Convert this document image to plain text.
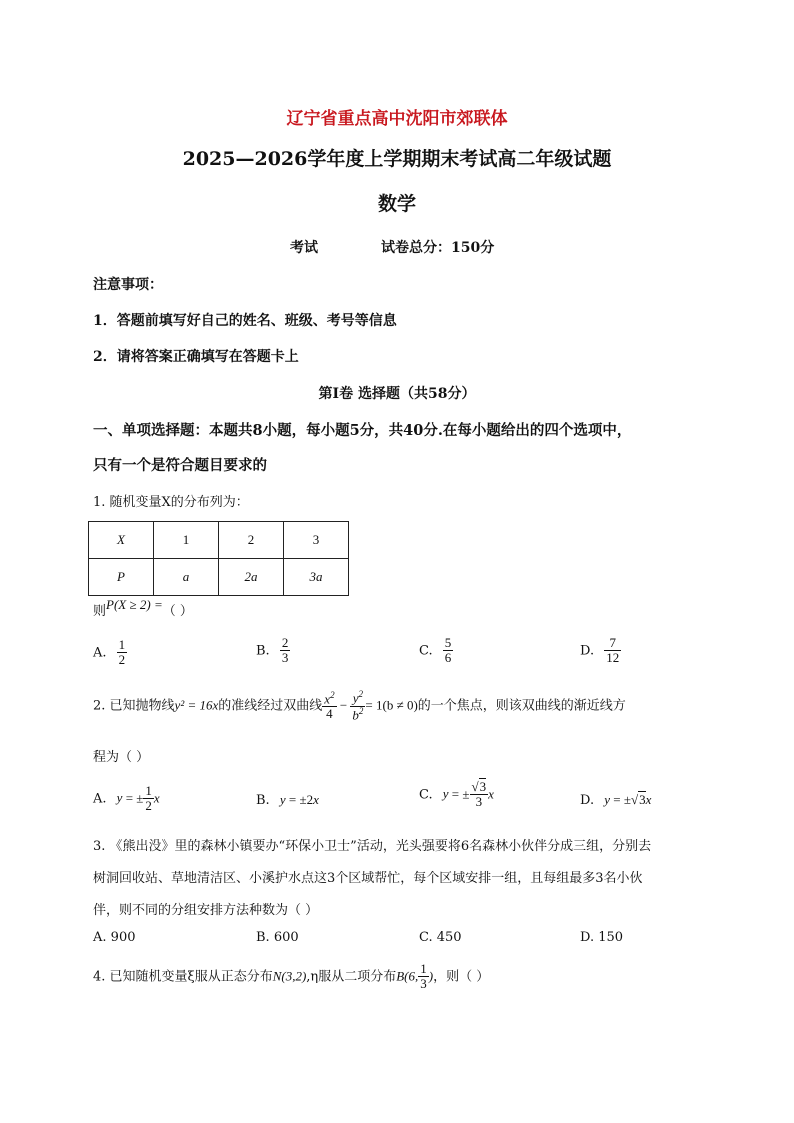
辽宁省重点高中沈阳市郊联体
2025—2026学年度上学期期末考试高二年级试题
数学
考试	试卷总分：150分
注意事项：
1．答题前填写好自己的姓名、班级、考号等信息
2．请将答案正确填写在答题卡上
第I卷 选择题（共58分）
一、单项选择题：本题共8小题，每小题5分，共40分.在每小题给出的四个选项中，
只有一个是符合题目要求的
1. 随机变量X的分布列为：
X	1	2	3
P	a	2a	3a
则P(X ≥ 2) =（ ）
A. $\frac{1}{2}$	B. $\frac{2}{3}$	C. $\frac{5}{6}$	D. $\frac{7}{12}$
2. 已知抛物线y² = 16x的准线经过双曲线 $\frac{x^2}{4} - \frac{y^2}{b^2} = 1(b \ne 0)$的一个焦点，则该双曲线的渐近线方
程为（ ）
A. y = ± $\frac{1}{2}$ x	B. y = ±2x	C. y = ± $\frac{√3}{3}$ x	D. y = ±√3x
3. 《熊出没》里的森林小镇要办“环保小卫士”活动，光头强要将6名森林小伙伴分成三组，分别去
树洞回收站、草地清洁区、小溪护水点这3个区域帮忙，每个区域安排一组，且每组最多3名小伙
伴，则不同的分组安排方法种数为（ ）
A. 900	B. 600	C. 450	D. 150
4. 已知随机变量ξ服从正态分布N(3,2),η服从二项分布B(6, $\frac{1}{3}$ )，则（ ）
